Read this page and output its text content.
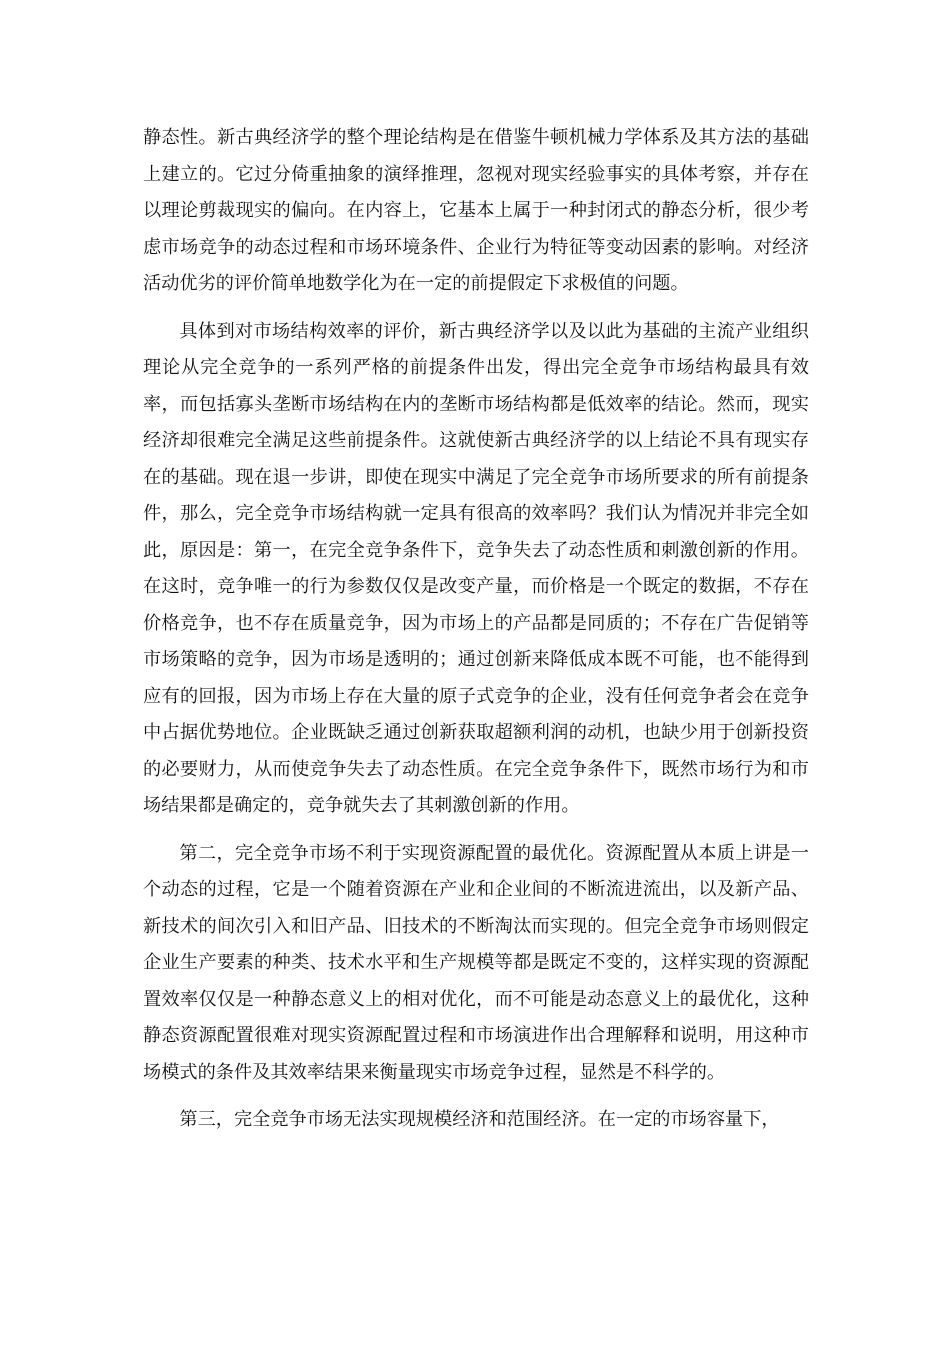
静态性。新古典经济学的整个理论结构是在借鉴牛顿机械力学体系及其方法的基础上建立的。它过分倚重抽象的演绎推理，忽视对现实经验事实的具体考察，并存在以理论剪裁现实的偏向。在内容上，它基本上属于一种封闭式的静态分析，很少考虑市场竞争的动态过程和市场环境条件、企业行为特征等变动因素的影响。对经济活动优劣的评价简单地数学化为在一定的前提假定下求极值的问题。

具体到对市场结构效率的评价，新古典经济学以及以此为基础的主流产业组织理论从完全竞争的一系列严格的前提条件出发，得出完全竞争市场结构最具有效率，而包括寡头垄断市场结构在内的垄断市场结构都是低效率的结论。然而，现实经济却很难完全满足这些前提条件。这就使新古典经济学的以上结论不具有现实存在的基础。现在退一步讲，即使在现实中满足了完全竞争市场所要求的所有前提条件，那么，完全竞争市场结构就一定具有很高的效率吗？我们认为情况并非完全如此，原因是：第一，在完全竞争条件下，竞争失去了动态性质和刺激创新的作用。在这时，竞争唯一的行为参数仅仅是改变产量，而价格是一个既定的数据，不存在价格竞争，也不存在质量竞争，因为市场上的产品都是同质的；不存在广告促销等市场策略的竞争，因为市场是透明的；通过创新来降低成本既不可能，也不能得到应有的回报，因为市场上存在大量的原子式竞争的企业，没有任何竞争者会在竞争中占据优势地位。企业既缺乏通过创新获取超额利润的动机，也缺少用于创新投资的必要财力，从而使竞争失去了动态性质。在完全竞争条件下，既然市场行为和市场结果都是确定的，竞争就失去了其刺激创新的作用。

第二，完全竞争市场不利于实现资源配置的最优化。资源配置从本质上讲是一个动态的过程，它是一个随着资源在产业和企业间的不断流进流出，以及新产品、新技术的间次引入和旧产品、旧技术的不断淘汰而实现的。但完全竞争市场则假定企业生产要素的种类、技术水平和生产规模等都是既定不变的，这样实现的资源配置效率仅仅是一种静态意义上的相对优化，而不可能是动态意义上的最优化，这种静态资源配置很难对现实资源配置过程和市场演进作出合理解释和说明，用这种市场模式的条件及其效率结果来衡量现实市场竞争过程，显然是不科学的。

第三，完全竞争市场无法实现规模经济和范围经济。在一定的市场容量下，
